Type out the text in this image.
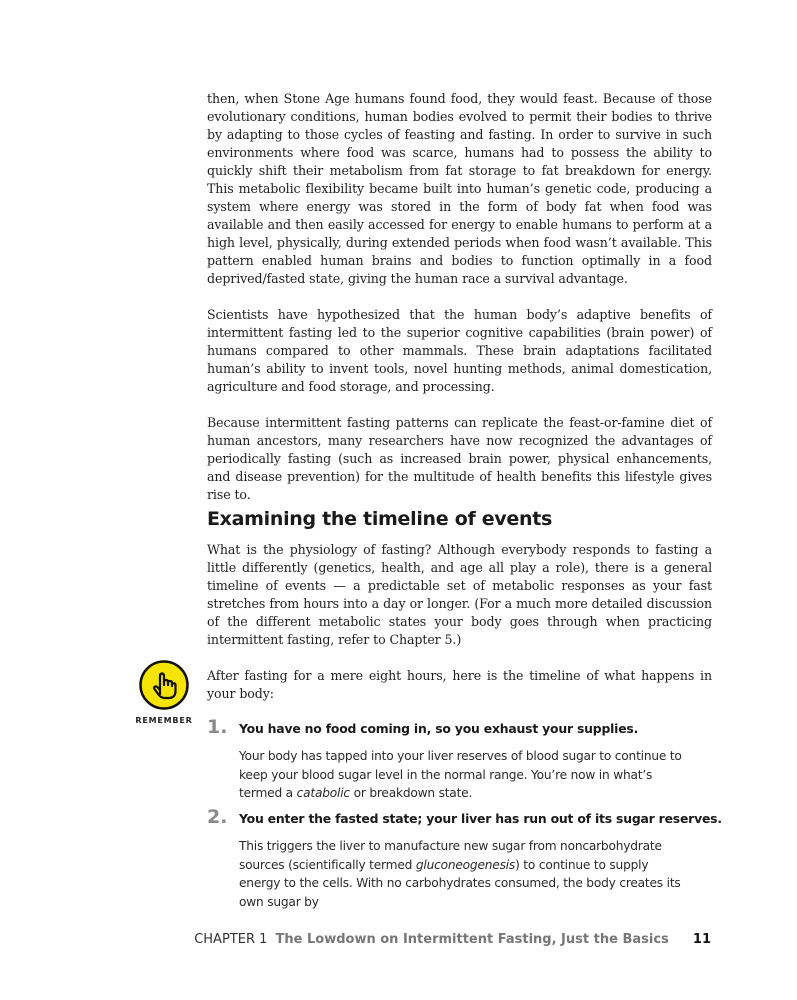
then, when Stone Age humans found food, they would feast. Because of those evolutionary conditions, human bodies evolved to permit their bodies to thrive by adapting to those cycles of feasting and fasting. In order to survive in such environments where food was scarce, humans had to possess the ability to quickly shift their metabolism from fat storage to fat breakdown for energy. This metabolic flexibility became built into human’s genetic code, producing a system where energy was stored in the form of body fat when food was available and then easily accessed for energy to enable humans to perform at a high level, physically, during extended periods when food wasn’t available. This pattern enabled human brains and bodies to function optimally in a food deprived/fasted state, giving the human race a survival advantage.

Scientists have hypothesized that the human body’s adaptive benefits of intermittent fasting led to the superior cognitive capabilities (brain power) of humans compared to other mammals. These brain adaptations facilitated human’s ability to invent tools, novel hunting methods, animal domestication, agriculture and food storage, and processing.

Because intermittent fasting patterns can replicate the feast-or-famine diet of human ancestors, many researchers have now recognized the advantages of periodically fasting (such as increased brain power, physical enhancements, and disease prevention) for the multitude of health benefits this lifestyle gives rise to.

Examining the timeline of events

What is the physiology of fasting? Although everybody responds to fasting a little differently (genetics, health, and age all play a role), there is a general timeline of events — a predictable set of metabolic responses as your fast stretches from hours into a day or longer. (For a much more detailed discussion of the different metabolic states your body goes through when practicing intermittent fasting, refer to Chapter 5.)

REMEMBER

After fasting for a mere eight hours, here is the timeline of what happens in your body:

1. You have no food coming in, so you exhaust your supplies.

Your body has tapped into your liver reserves of blood sugar to continue to keep your blood sugar level in the normal range. You’re now in what’s termed a catabolic or breakdown state.

2. You enter the fasted state; your liver has run out of its sugar reserves.

This triggers the liver to manufacture new sugar from noncarbohydrate sources (scientifically termed gluconeogenesis) to continue to supply energy to the cells. With no carbohydrates consumed, the body creates its own sugar by

CHAPTER 1 The Lowdown on Intermittent Fasting, Just the Basics 11
